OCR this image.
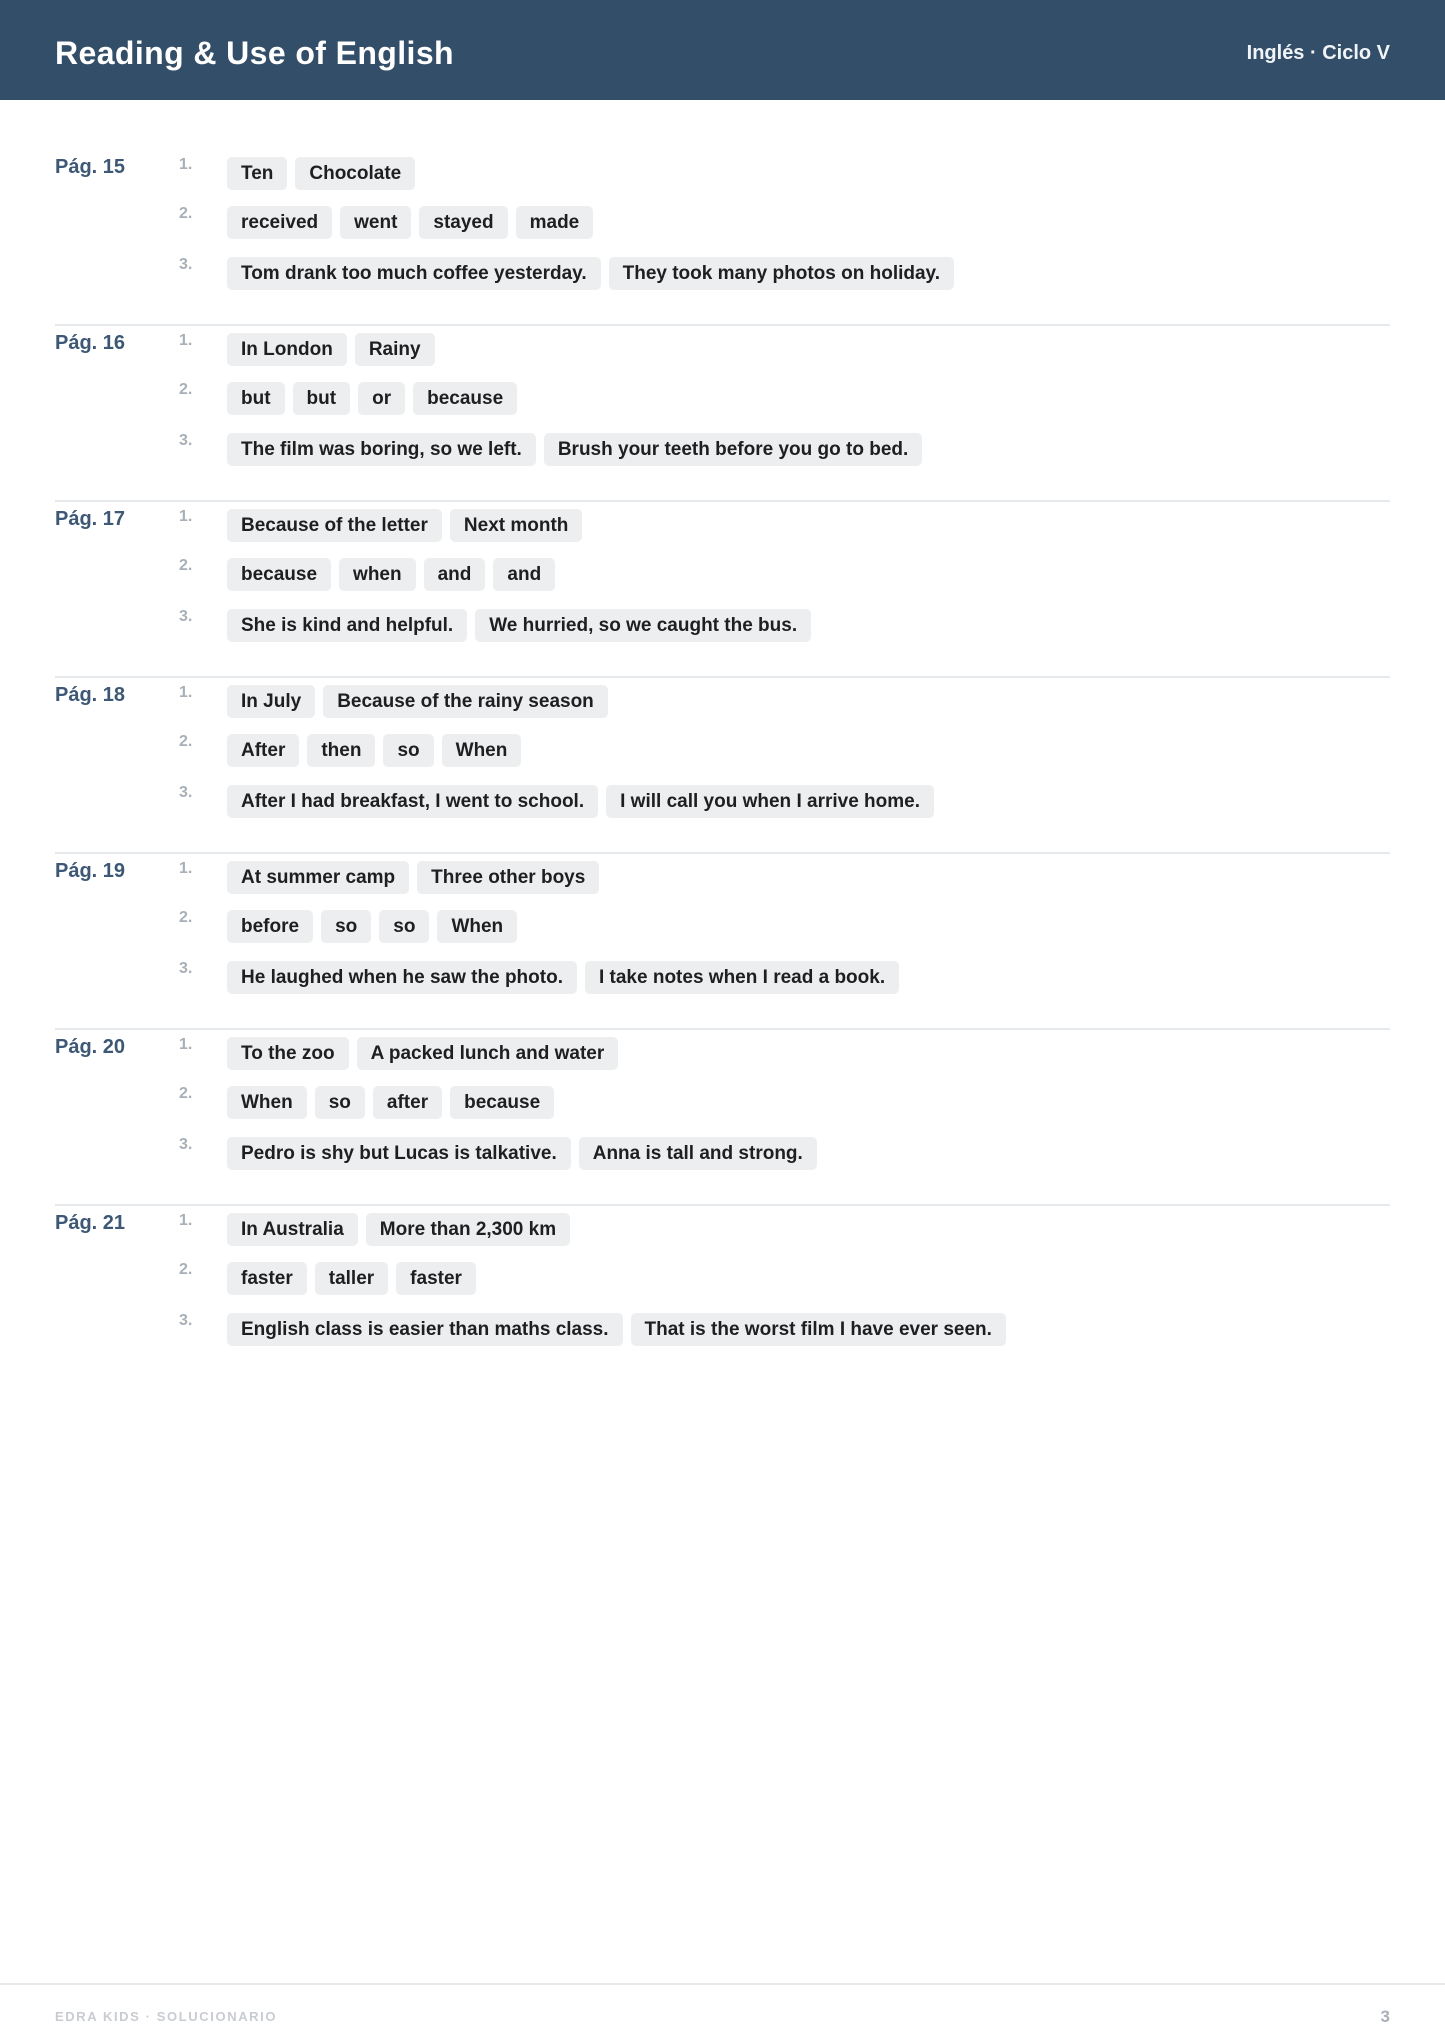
Reading & Use of English	Inglés · Ciclo V
Pág. 15	1.	Ten	Chocolate
2.	received	went	stayed	made
3.	Tom drank too much coffee yesterday.	They took many photos on holiday.
Pág. 16	1.	In London	Rainy
2.	but	but	or	because
3.	The film was boring, so we left.	Brush your teeth before you go to bed.
Pág. 17	1.	Because of the letter	Next month
2.	because	when	and	and
3.	She is kind and helpful.	We hurried, so we caught the bus.
Pág. 18	1.	In July	Because of the rainy season
2.	After	then	so	When
3.	After I had breakfast, I went to school.	I will call you when I arrive home.
Pág. 19	1.	At summer camp	Three other boys
2.	before	so	so	When
3.	He laughed when he saw the photo.	I take notes when I read a book.
Pág. 20	1.	To the zoo	A packed lunch and water
2.	When	so	after	because
3.	Pedro is shy but Lucas is talkative.	Anna is tall and strong.
Pág. 21	1.	In Australia	More than 2,300 km
2.	faster	taller	faster
3.	English class is easier than maths class.	That is the worst film I have ever seen.
EDRA KIDS · SOLUCIONARIO	3
